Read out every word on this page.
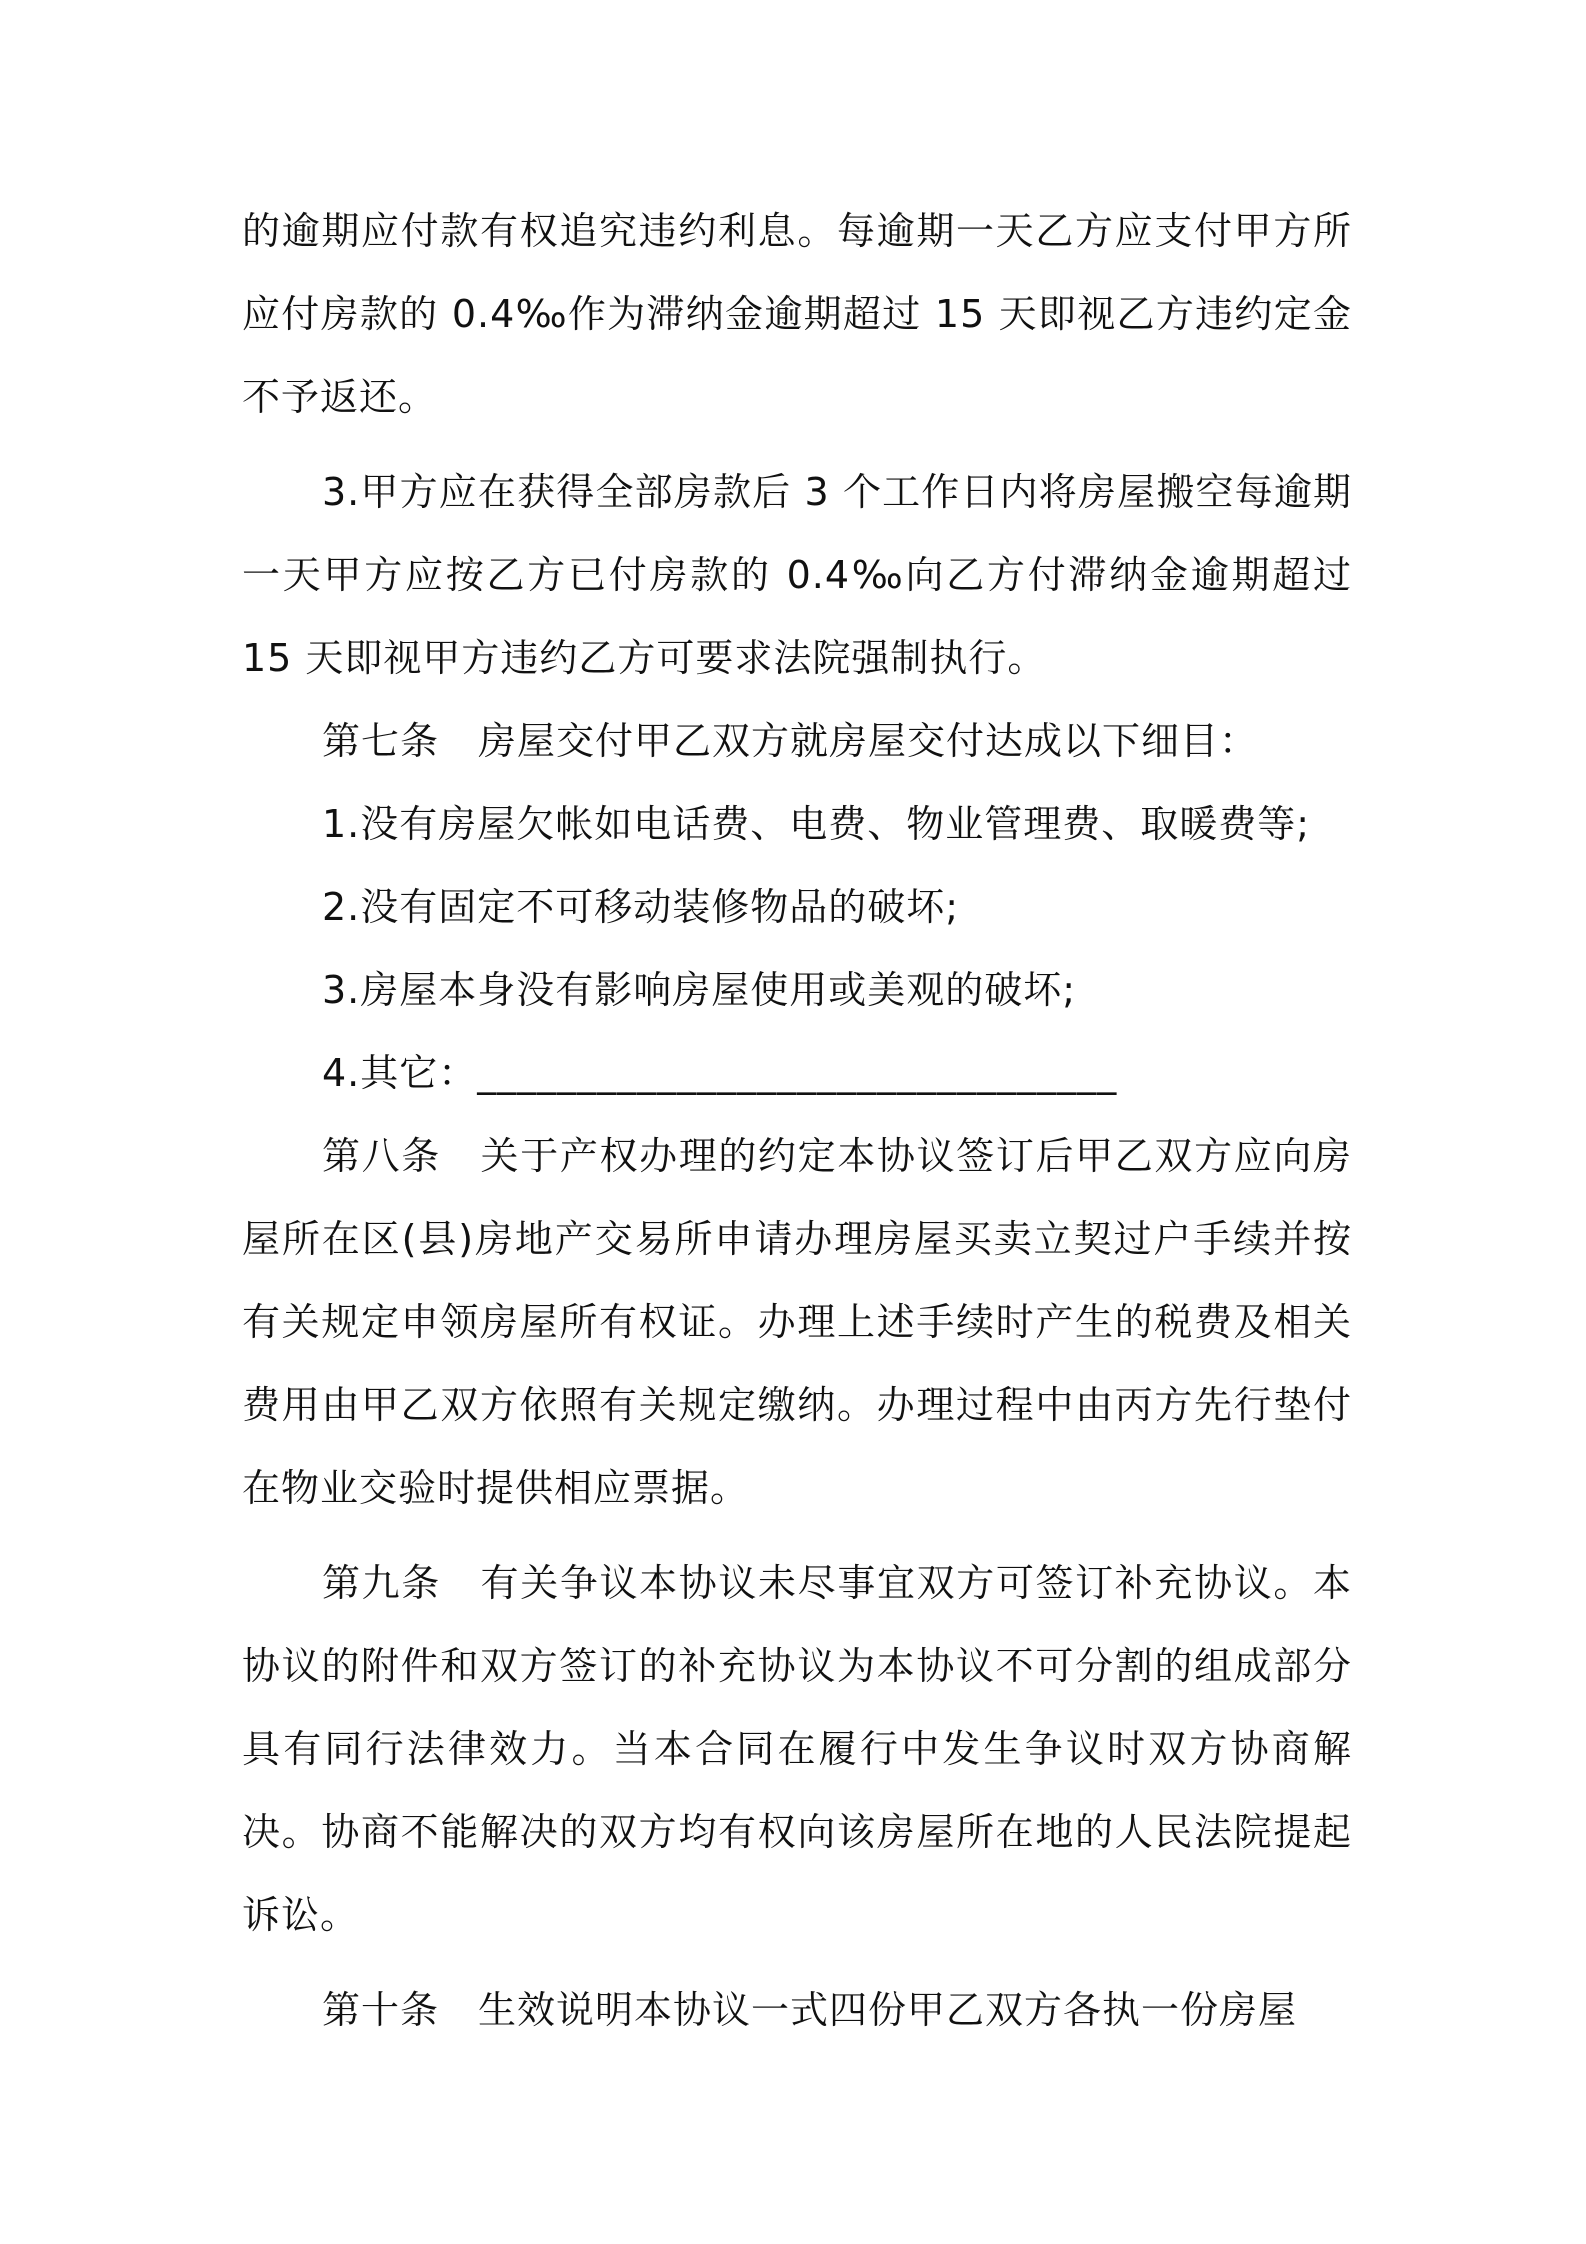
的逾期应付款有权追究违约利息。每逾期一天乙方应支付甲方所应付房款的 0.4‰作为滞纳金逾期超过 15 天即视乙方违约定金不予返还。

3.甲方应在获得全部房款后 3 个工作日内将房屋搬空每逾期一天甲方应按乙方已付房款的 0.4‰向乙方付滞纳金逾期超过 15 天即视甲方违约乙方可要求法院强制执行。

第七条　房屋交付甲乙双方就房屋交付达成以下细目：

1.没有房屋欠帐如电话费、电费、物业管理费、取暖费等;

2.没有固定不可移动装修物品的破坏;

3.房屋本身没有影响房屋使用或美观的破坏;

4.其它：________________________________

第八条　关于产权办理的约定本协议签订后甲乙双方应向房屋所在区(县)房地产交易所申请办理房屋买卖立契过户手续并按有关规定申领房屋所有权证。办理上述手续时产生的税费及相关费用由甲乙双方依照有关规定缴纳。办理过程中由丙方先行垫付在物业交验时提供相应票据。

第九条　有关争议本协议未尽事宜双方可签订补充协议。本协议的附件和双方签订的补充协议为本协议不可分割的组成部分具有同行法律效力。当本合同在履行中发生争议时双方协商解决。协商不能解决的双方均有权向该房屋所在地的人民法院提起诉讼。

第十条　生效说明本协议一式四份甲乙双方各执一份房屋
